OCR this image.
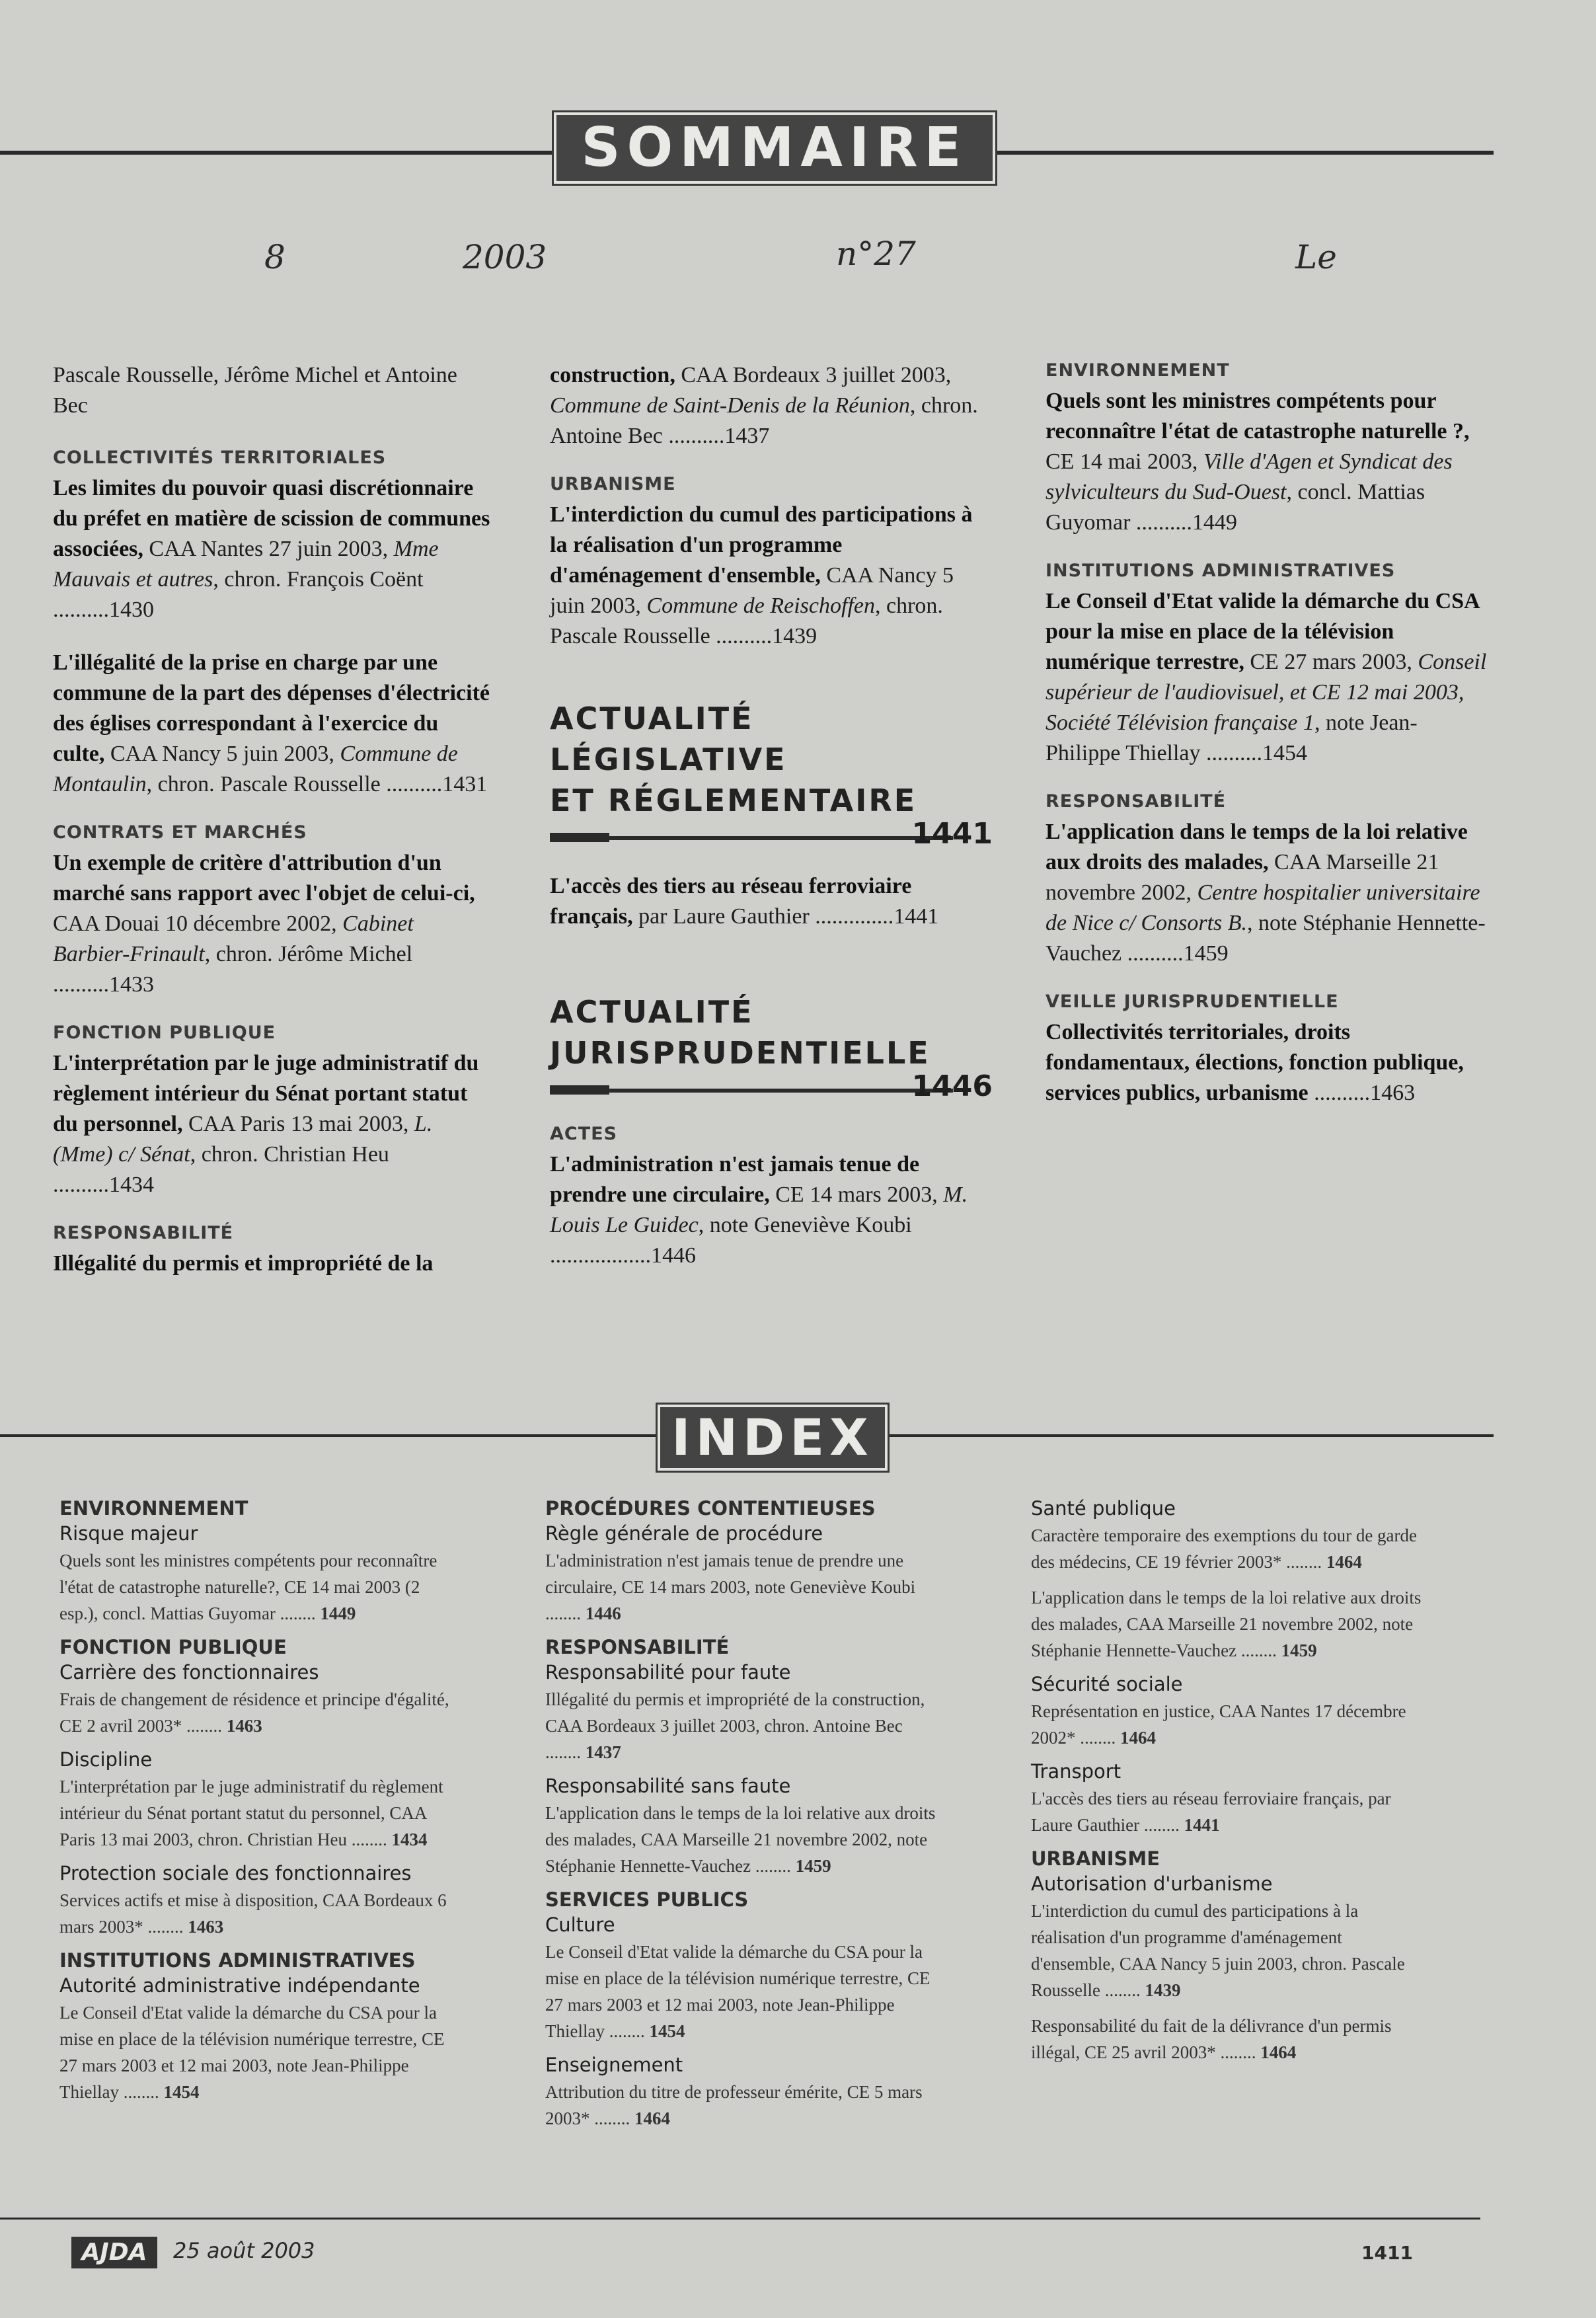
SOMMAIRE
8	2003	n°27	Le
Pascale Rousselle, Jérôme Michel et Antoine Bec
COLLECTIVITÉS TERRITORIALES
Les limites du pouvoir quasi discrétionnaire du préfet en matière de scission de communes associées, CAA Nantes 27 juin 2003, Mme Mauvais et autres, chron. François Coënt ..........1430
L'illégalité de la prise en charge par une commune de la part des dépenses d'électricité des églises correspondant à l'exercice du culte, CAA Nancy 5 juin 2003, Commune de Montaulin, chron. Pascale Rousselle ..........1431
CONTRATS ET MARCHÉS
Un exemple de critère d'attribution d'un marché sans rapport avec l'objet de celui-ci, CAA Douai 10 décembre 2002, Cabinet Barbier-Frinault, chron. Jérôme Michel ..........1433
FONCTION PUBLIQUE
L'interprétation par le juge administratif du règlement intérieur du Sénat portant statut du personnel, CAA Paris 13 mai 2003, L. (Mme) c/ Sénat, chron. Christian Heu ..........1434
RESPONSABILITÉ
Illégalité du permis et impropriété de la
construction, CAA Bordeaux 3 juillet 2003, Commune de Saint-Denis de la Réunion, chron. Antoine Bec ..........1437
URBANISME
L'interdiction du cumul des participations à la réalisation d'un programme d'aménagement d'ensemble, CAA Nancy 5 juin 2003, Commune de Reischoffen, chron. Pascale Rousselle ..........1439
ACTUALITÉ LÉGISLATIVE
ET RÉGLEMENTAIRE
1441
L'accès des tiers au réseau ferroviaire français, par Laure Gauthier ..............1441
ACTUALITÉ
JURISPRUDENTIELLE
1446
ACTES
L'administration n'est jamais tenue de prendre une circulaire, CE 14 mars 2003, M. Louis Le Guidec, note Geneviève Koubi ..................1446
ENVIRONNEMENT
Quels sont les ministres compétents pour reconnaître l'état de catastrophe naturelle ?, CE 14 mai 2003, Ville d'Agen et Syndicat des sylviculteurs du Sud-Ouest, concl. Mattias Guyomar ..........1449
INSTITUTIONS ADMINISTRATIVES
Le Conseil d'Etat valide la démarche du CSA pour la mise en place de la télévision numérique terrestre, CE 27 mars 2003, Conseil supérieur de l'audiovisuel, et CE 12 mai 2003, Société Télévision française 1, note Jean-Philippe Thiellay ..........1454
RESPONSABILITÉ
L'application dans le temps de la loi relative aux droits des malades, CAA Marseille 21 novembre 2002, Centre hospitalier universitaire de Nice c/ Consorts B., note Stéphanie Hennette-Vauchez ..........1459
VEILLE JURISPRUDENTIELLE
Collectivités territoriales, droits fondamentaux, élections, fonction publique, services publics, urbanisme ..........1463
INDEX
ENVIRONNEMENT
Risque majeur
Quels sont les ministres compétents pour reconnaître l'état de catastrophe naturelle?, CE 14 mai 2003 (2 esp.), concl. Mattias Guyomar ........ 1449
FONCTION PUBLIQUE
Carrière des fonctionnaires
Frais de changement de résidence et principe d'égalité, CE 2 avril 2003* ........ 1463
Discipline
L'interprétation par le juge administratif du règlement intérieur du Sénat portant statut du personnel, CAA Paris 13 mai 2003, chron. Christian Heu ........ 1434
Protection sociale des fonctionnaires
Services actifs et mise à disposition, CAA Bordeaux 6 mars 2003* ........ 1463
INSTITUTIONS ADMINISTRATIVES
Autorité administrative indépendante
Le Conseil d'Etat valide la démarche du CSA pour la mise en place de la télévision numérique terrestre, CE 27 mars 2003 et 12 mai 2003, note Jean-Philippe Thiellay ........ 1454
PROCÉDURES CONTENTIEUSES
Règle générale de procédure
L'administration n'est jamais tenue de prendre une circulaire, CE 14 mars 2003, note Geneviève Koubi ........ 1446
RESPONSABILITÉ
Responsabilité pour faute
Illégalité du permis et impropriété de la construction, CAA Bordeaux 3 juillet 2003, chron. Antoine Bec ........ 1437
Responsabilité sans faute
L'application dans le temps de la loi relative aux droits des malades, CAA Marseille 21 novembre 2002, note Stéphanie Hennette-Vauchez ........ 1459
SERVICES PUBLICS
Culture
Le Conseil d'Etat valide la démarche du CSA pour la mise en place de la télévision numérique terrestre, CE 27 mars 2003 et 12 mai 2003, note Jean-Philippe Thiellay ........ 1454
Enseignement
Attribution du titre de professeur émérite, CE 5 mars 2003* ........ 1464
Santé publique
Caractère temporaire des exemptions du tour de garde des médecins, CE 19 février 2003* ........ 1464
L'application dans le temps de la loi relative aux droits des malades, CAA Marseille 21 novembre 2002, note Stéphanie Hennette-Vauchez ........ 1459
Sécurité sociale
Représentation en justice, CAA Nantes 17 décembre 2002* ........ 1464
Transport
L'accès des tiers au réseau ferroviaire français, par Laure Gauthier ........ 1441
URBANISME
Autorisation d'urbanisme
L'interdiction du cumul des participations à la réalisation d'un programme d'aménagement d'ensemble, CAA Nancy 5 juin 2003, chron. Pascale Rousselle ........ 1439
Responsabilité du fait de la délivrance d'un permis illégal, CE 25 avril 2003* ........ 1464
AJDA	25 août 2003	1411
